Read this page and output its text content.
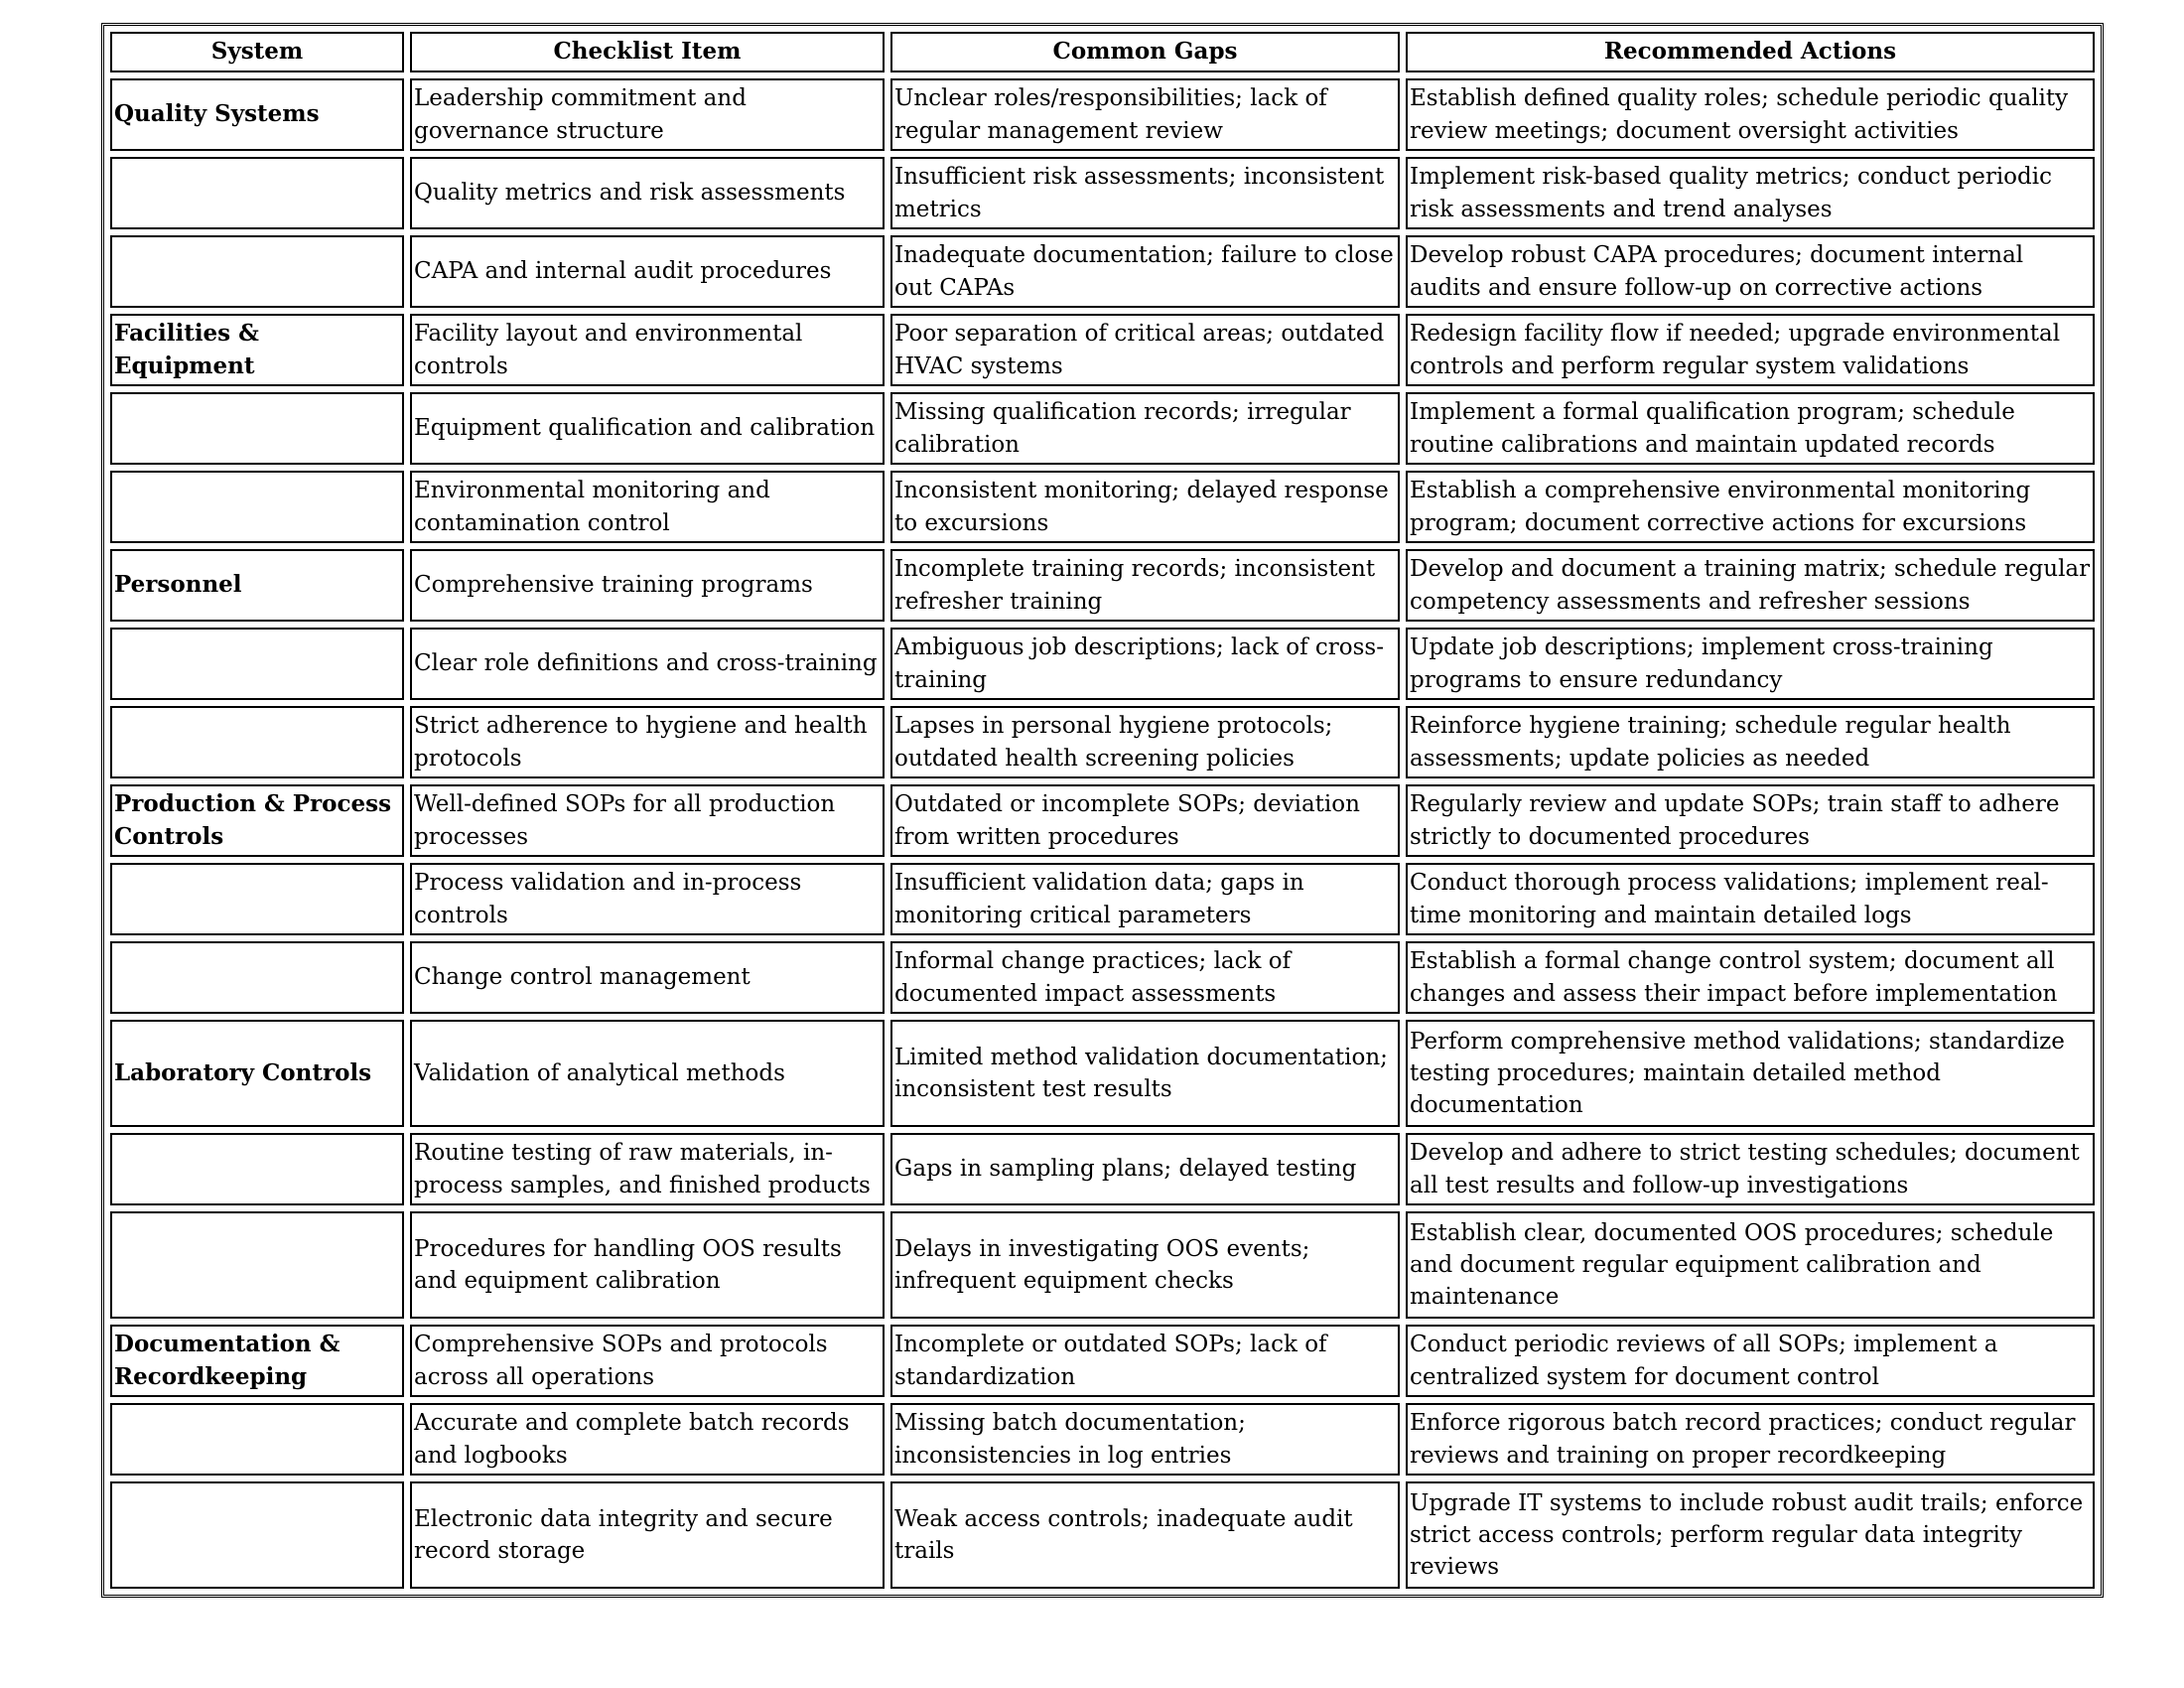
System	Checklist Item	Common Gaps	Recommended Actions
Quality Systems	Leadership commitment and governance structure	Unclear roles/responsibilities; lack of regular management review	Establish defined quality roles; schedule periodic quality review meetings; document oversight activities
	Quality metrics and risk assessments	Insufficient risk assessments; inconsistent metrics	Implement risk-based quality metrics; conduct periodic risk assessments and trend analyses
	CAPA and internal audit procedures	Inadequate documentation; failure to close out CAPAs	Develop robust CAPA procedures; document internal audits and ensure follow-up on corrective actions
Facilities & Equipment	Facility layout and environmental controls	Poor separation of critical areas; outdated HVAC systems	Redesign facility flow if needed; upgrade environmental controls and perform regular system validations
	Equipment qualification and calibration	Missing qualification records; irregular calibration	Implement a formal qualification program; schedule routine calibrations and maintain updated records
	Environmental monitoring and contamination control	Inconsistent monitoring; delayed response to excursions	Establish a comprehensive environmental monitoring program; document corrective actions for excursions
Personnel	Comprehensive training programs	Incomplete training records; inconsistent refresher training	Develop and document a training matrix; schedule regular competency assessments and refresher sessions
	Clear role definitions and cross-training	Ambiguous job descriptions; lack of cross-training	Update job descriptions; implement cross-training programs to ensure redundancy
	Strict adherence to hygiene and health protocols	Lapses in personal hygiene protocols; outdated health screening policies	Reinforce hygiene training; schedule regular health assessments; update policies as needed
Production & Process Controls	Well-defined SOPs for all production processes	Outdated or incomplete SOPs; deviation from written procedures	Regularly review and update SOPs; train staff to adhere strictly to documented procedures
	Process validation and in-process controls	Insufficient validation data; gaps in monitoring critical parameters	Conduct thorough process validations; implement real-time monitoring and maintain detailed logs
	Change control management	Informal change practices; lack of documented impact assessments	Establish a formal change control system; document all changes and assess their impact before implementation
Laboratory Controls	Validation of analytical methods	Limited method validation documentation; inconsistent test results	Perform comprehensive method validations; standardize testing procedures; maintain detailed method documentation
	Routine testing of raw materials, in-process samples, and finished products	Gaps in sampling plans; delayed testing	Develop and adhere to strict testing schedules; document all test results and follow-up investigations
	Procedures for handling OOS results and equipment calibration	Delays in investigating OOS events; infrequent equipment checks	Establish clear, documented OOS procedures; schedule and document regular equipment calibration and maintenance
Documentation & Recordkeeping	Comprehensive SOPs and protocols across all operations	Incomplete or outdated SOPs; lack of standardization	Conduct periodic reviews of all SOPs; implement a centralized system for document control
	Accurate and complete batch records and logbooks	Missing batch documentation; inconsistencies in log entries	Enforce rigorous batch record practices; conduct regular reviews and training on proper recordkeeping
	Electronic data integrity and secure record storage	Weak access controls; inadequate audit trails	Upgrade IT systems to include robust audit trails; enforce strict access controls; perform regular data integrity reviews
